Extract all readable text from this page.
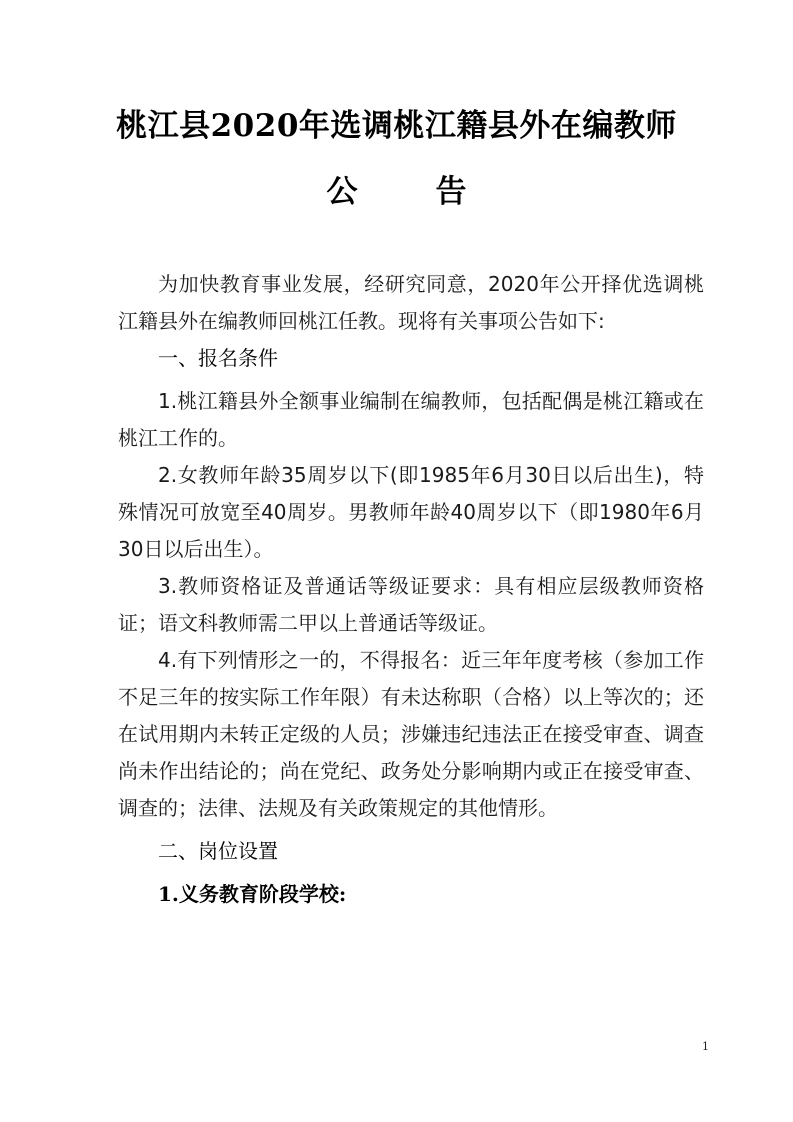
桃江县2020年选调桃江籍县外在编教师
公	告

为加快教育事业发展，经研究同意，2020年公开择优选调桃江籍县外在编教师回桃江任教。现将有关事项公告如下:

一、报名条件

1.桃江籍县外全额事业编制在编教师，包括配偶是桃江籍或在桃江工作的。

2.女教师年龄35周岁以下(即1985年6月30日以后出生)，特殊情况可放宽至40周岁。男教师年龄40周岁以下（即1980年6月30日以后出生）。

3.教师资格证及普通话等级证要求：具有相应层级教师资格证；语文科教师需二甲以上普通话等级证。

4.有下列情形之一的，不得报名：近三年年度考核（参加工作不足三年的按实际工作年限）有未达称职（合格）以上等次的；还在试用期内未转正定级的人员；涉嫌违纪违法正在接受审查、调查尚未作出结论的；尚在党纪、政务处分影响期内或正在接受审查、调查的；法律、法规及有关政策规定的其他情形。

二、岗位设置

1.义务教育阶段学校:

1
